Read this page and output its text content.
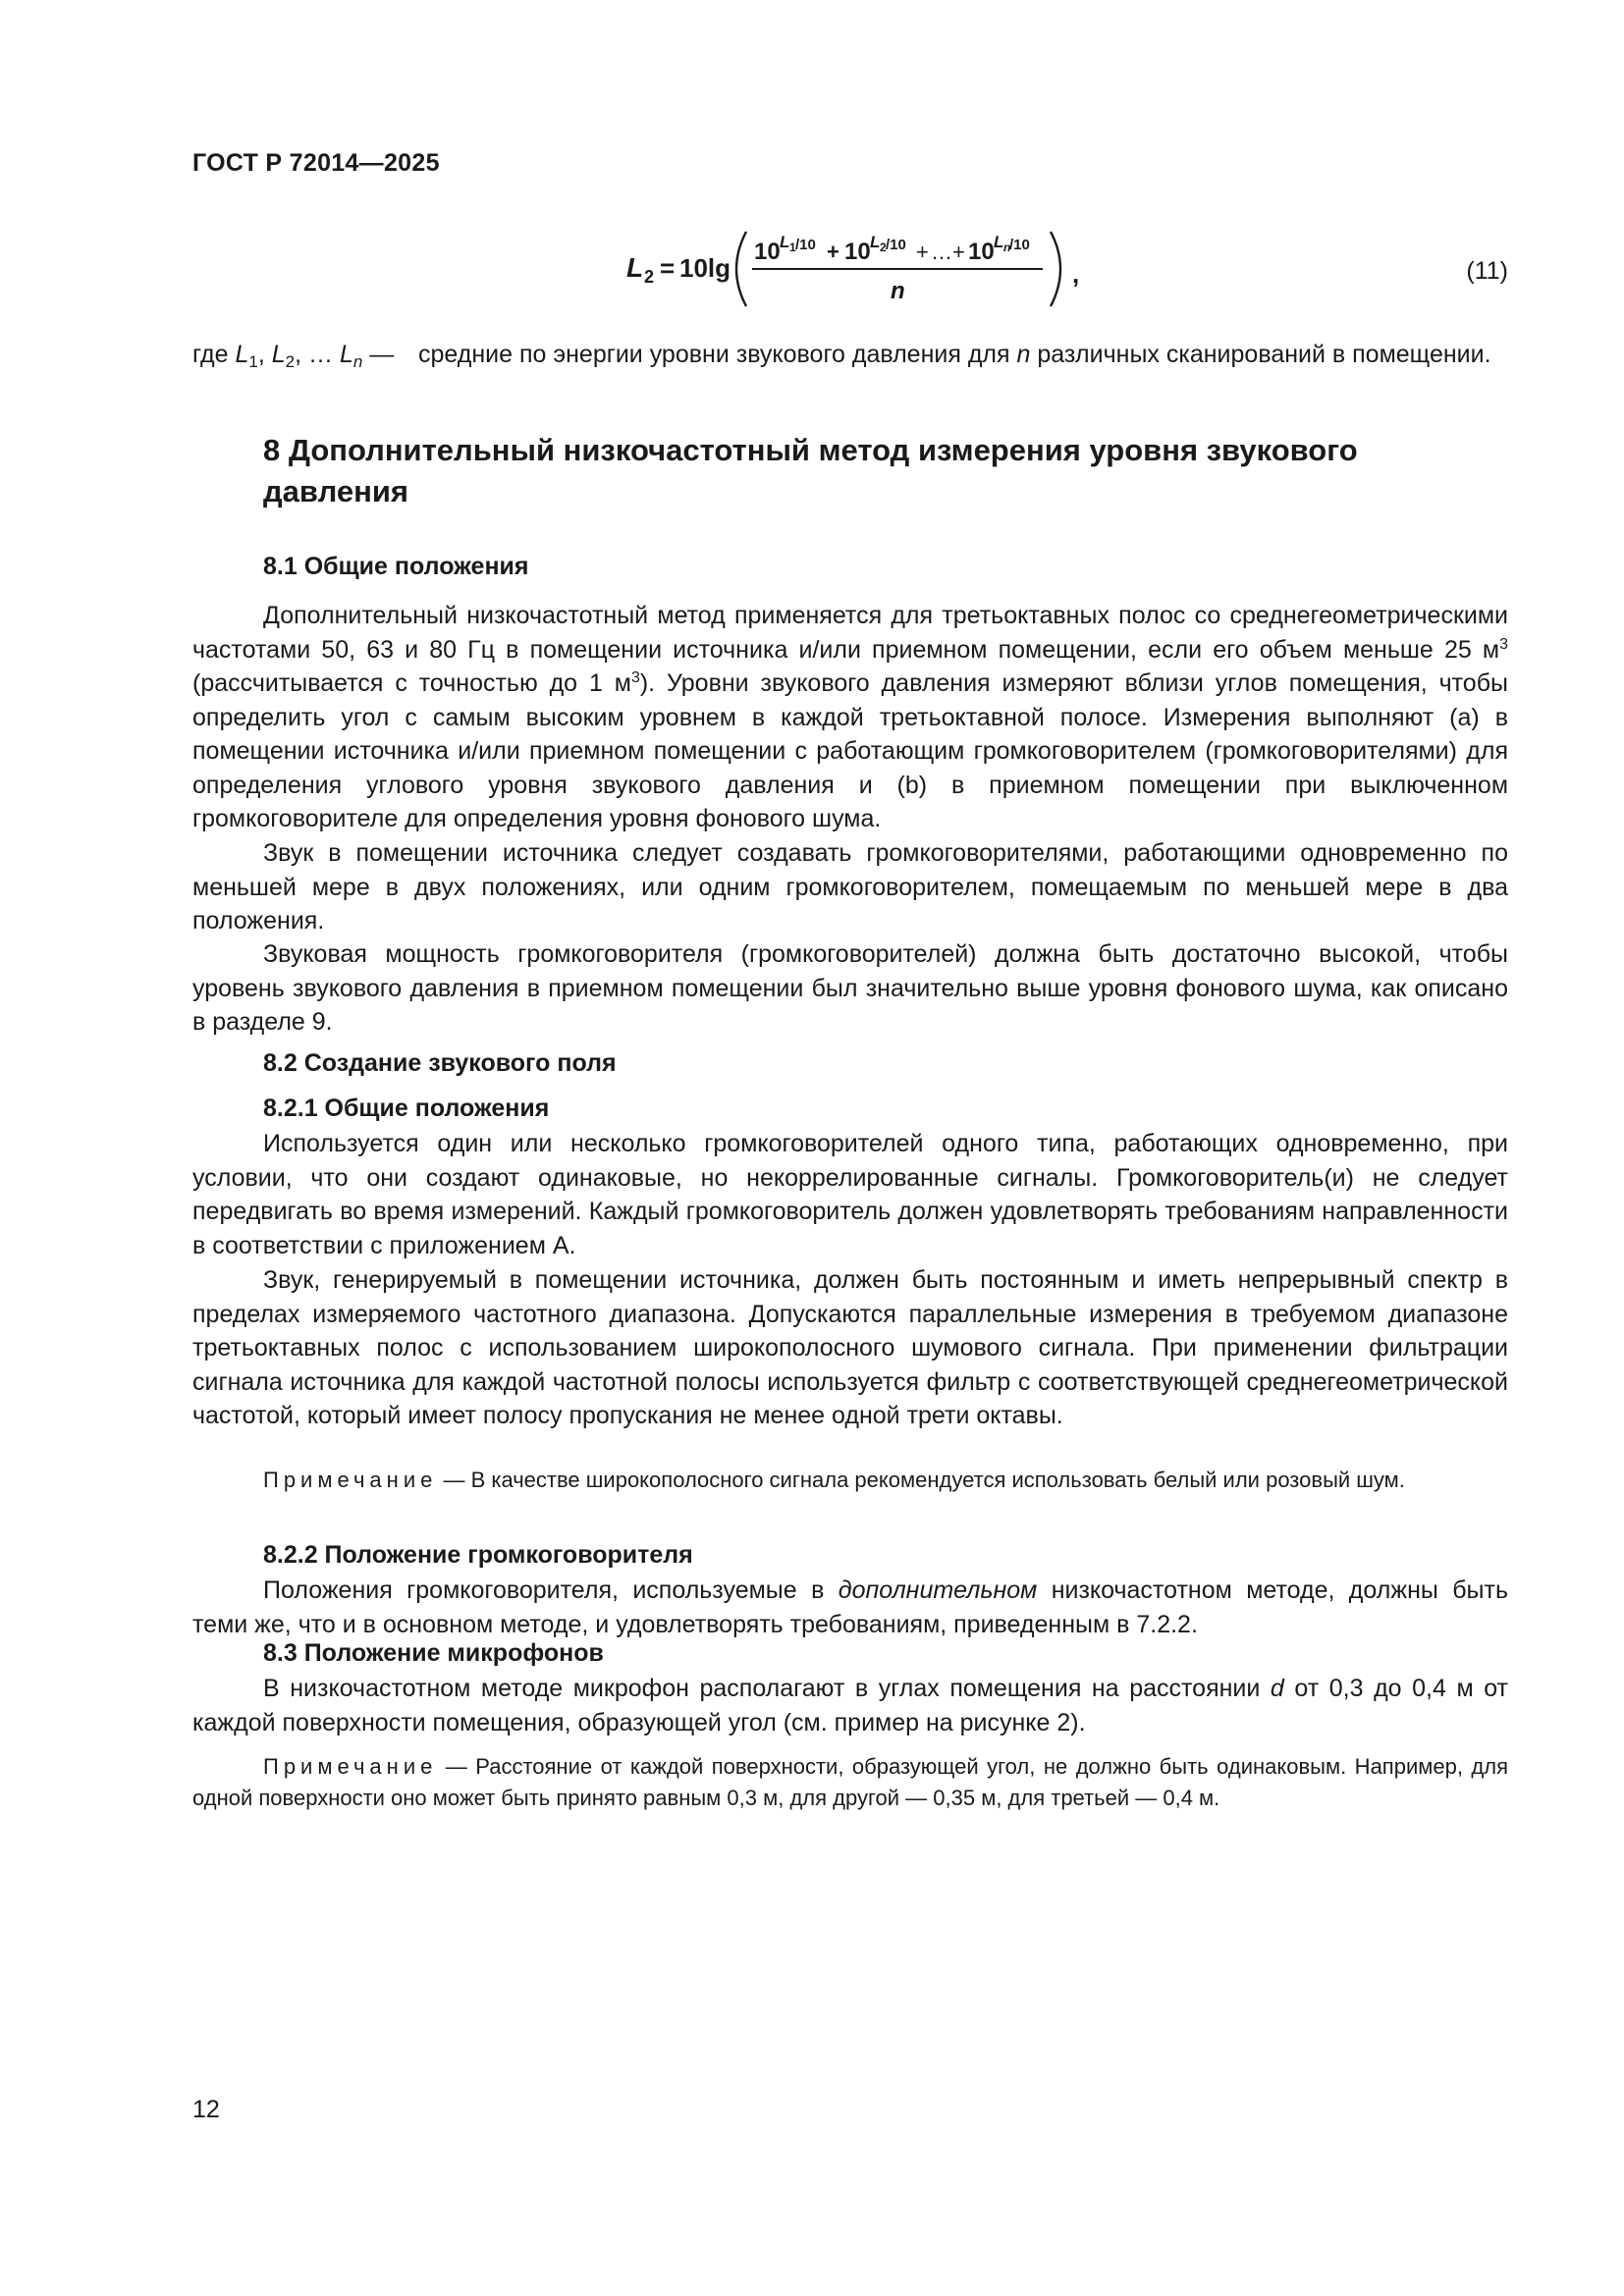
ГОСТ Р 72014—2025
L 2 = 10lg
10 L 1 /10 + 10 L 2 /10 + … + 10 L n
/10
n
,	(11)
где $L_1$, $L_2$, … $L_n$ — средние по энергии уровни звукового давления для n различных сканирований в помещении.
8 Дополнительный низкочастотный метод измерения уровня звукового давления
8.1 Общие положения

Дополнительный низкочастотный метод применяется для третьоктавных полос со среднегеометрическими частотами 50, 63 и 80 Гц в помещении источника и/или приемном помещении, если его объем меньше 25 $м^3$ (рассчитывается с точностью до 1 $м^3$). Уровни звукового давления измеряют вблизи углов помещения, чтобы определить угол с самым высоким уровнем в каждой третьоктавной полосе. Измерения выполняют (а) в помещении источника и/или приемном помещении с работающим громкоговорителем (громкоговорителями) для определения углового уровня звукового давления и (b) в приемном помещении при выключенном громкоговорителе для определения уровня фонового шума.

Звук в помещении источника следует создавать громкоговорителями, работающими одновременно по меньшей мере в двух положениях, или одним громкоговорителем, помещаемым по меньшей мере в два положения.

Звуковая мощность громкоговорителя (громкоговорителей) должна быть достаточно высокой, чтобы уровень звукового давления в приемном помещении был значительно выше уровня фонового шума, как описано в разделе 9.

8.2 Создание звукового поля
8.2.1 Общие положения

Используется один или несколько громкоговорителей одного типа, работающих одновременно, при условии, что они создают одинаковые, но некоррелированные сигналы. Громкоговоритель(и) не следует передвигать во время измерений. Каждый громкоговоритель должен удовлетворять требованиям направленности в соответствии с приложением А.

Звук, генерируемый в помещении источника, должен быть постоянным и иметь непрерывный спектр в пределах измеряемого частотного диапазона. Допускаются параллельные измерения в требуемом диапазоне третьоктавных полос с использованием широкополосного шумового сигнала. При применении фильтрации сигнала источника для каждой частотной полосы используется фильтр с соответствующей среднегеометрической частотой, который имеет полосу пропускания не менее одной трети октавы.

Примечание — В качестве широкополосного сигнала рекомендуется использовать белый или розовый шум.

8.2.2 Положение громкоговорителя

Положения громкоговорителя, используемые в дополнительном низкочастотном методе, должны быть теми же, что и в основном методе, и удовлетворять требованиям, приведенным в 7.2.2.

8.3 Положение микрофонов

В низкочастотном методе микрофон располагают в углах помещения на расстоянии d от 0,3 до 0,4 м от каждой поверхности помещения, образующей угол (см. пример на рисунке 2).

Примечание — Расстояние от каждой поверхности, образующей угол, не должно быть одинаковым. Например, для одной поверхности оно может быть принято равным 0,3 м, для другой — 0,35 м, для третьей — 0,4 м.

12
